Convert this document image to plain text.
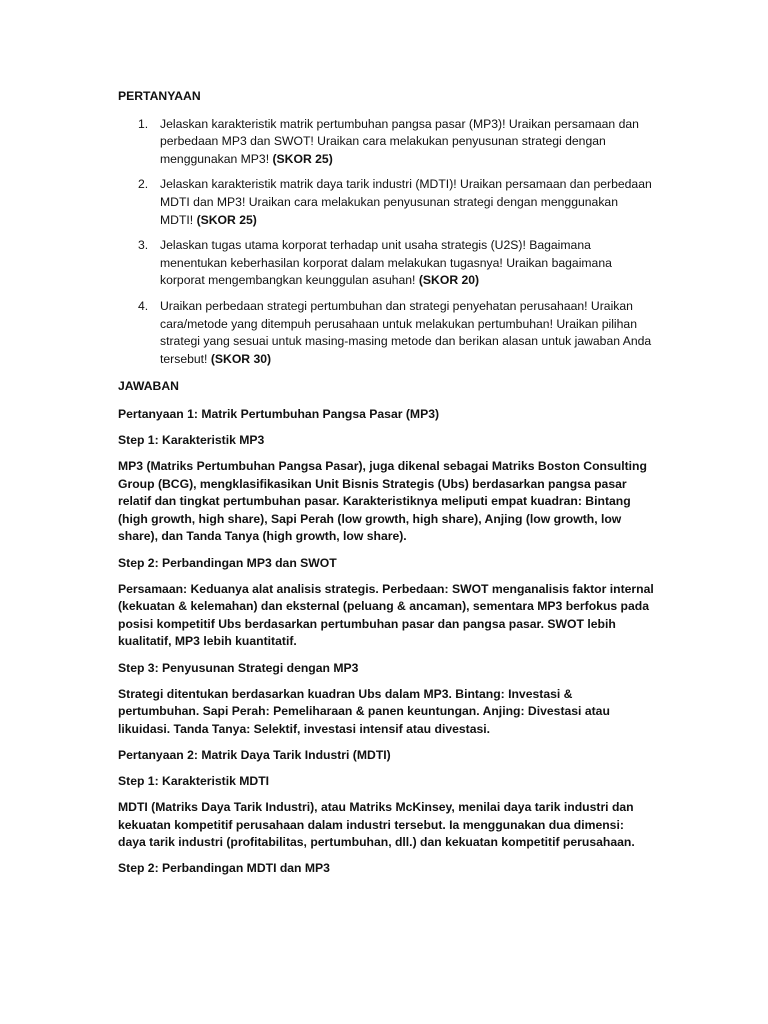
PERTANYAAN
1. Jelaskan karakteristik matrik pertumbuhan pangsa pasar (MP3)! Uraikan persamaan dan perbedaan MP3 dan SWOT! Uraikan cara melakukan penyusunan strategi dengan menggunakan MP3! (SKOR 25)
2. Jelaskan karakteristik matrik daya tarik industri (MDTI)! Uraikan persamaan dan perbedaan MDTI dan MP3! Uraikan cara melakukan penyusunan strategi dengan menggunakan MDTI! (SKOR 25)
3. Jelaskan tugas utama korporat terhadap unit usaha strategis (U2S)! Bagaimana menentukan keberhasilan korporat dalam melakukan tugasnya! Uraikan bagaimana korporat mengembangkan keunggulan asuhan! (SKOR 20)
4. Uraikan perbedaan strategi pertumbuhan dan strategi penyehatan perusahaan! Uraikan cara/metode yang ditempuh perusahaan untuk melakukan pertumbuhan! Uraikan pilihan strategi yang sesuai untuk masing-masing metode dan berikan alasan untuk jawaban Anda tersebut! (SKOR 30)
JAWABAN
Pertanyaan 1: Matrik Pertumbuhan Pangsa Pasar (MP3)
Step 1: Karakteristik MP3
MP3 (Matriks Pertumbuhan Pangsa Pasar), juga dikenal sebagai Matriks Boston Consulting Group (BCG), mengklasifikasikan Unit Bisnis Strategis (Ubs) berdasarkan pangsa pasar relatif dan tingkat pertumbuhan pasar. Karakteristiknya meliputi empat kuadran: Bintang (high growth, high share), Sapi Perah (low growth, high share), Anjing (low growth, low share), dan Tanda Tanya (high growth, low share).
Step 2: Perbandingan MP3 dan SWOT
Persamaan: Keduanya alat analisis strategis. Perbedaan: SWOT menganalisis faktor internal (kekuatan & kelemahan) dan eksternal (peluang & ancaman), sementara MP3 berfokus pada posisi kompetitif Ubs berdasarkan pertumbuhan pasar dan pangsa pasar. SWOT lebih kualitatif, MP3 lebih kuantitatif.
Step 3: Penyusunan Strategi dengan MP3
Strategi ditentukan berdasarkan kuadran Ubs dalam MP3. Bintang: Investasi & pertumbuhan. Sapi Perah: Pemeliharaan & panen keuntungan. Anjing: Divestasi atau likuidasi. Tanda Tanya: Selektif, investasi intensif atau divestasi.
Pertanyaan 2: Matrik Daya Tarik Industri (MDTI)
Step 1: Karakteristik MDTI
MDTI (Matriks Daya Tarik Industri), atau Matriks McKinsey, menilai daya tarik industri dan kekuatan kompetitif perusahaan dalam industri tersebut. Ia menggunakan dua dimensi: daya tarik industri (profitabilitas, pertumbuhan, dll.) dan kekuatan kompetitif perusahaan.
Step 2: Perbandingan MDTI dan MP3
